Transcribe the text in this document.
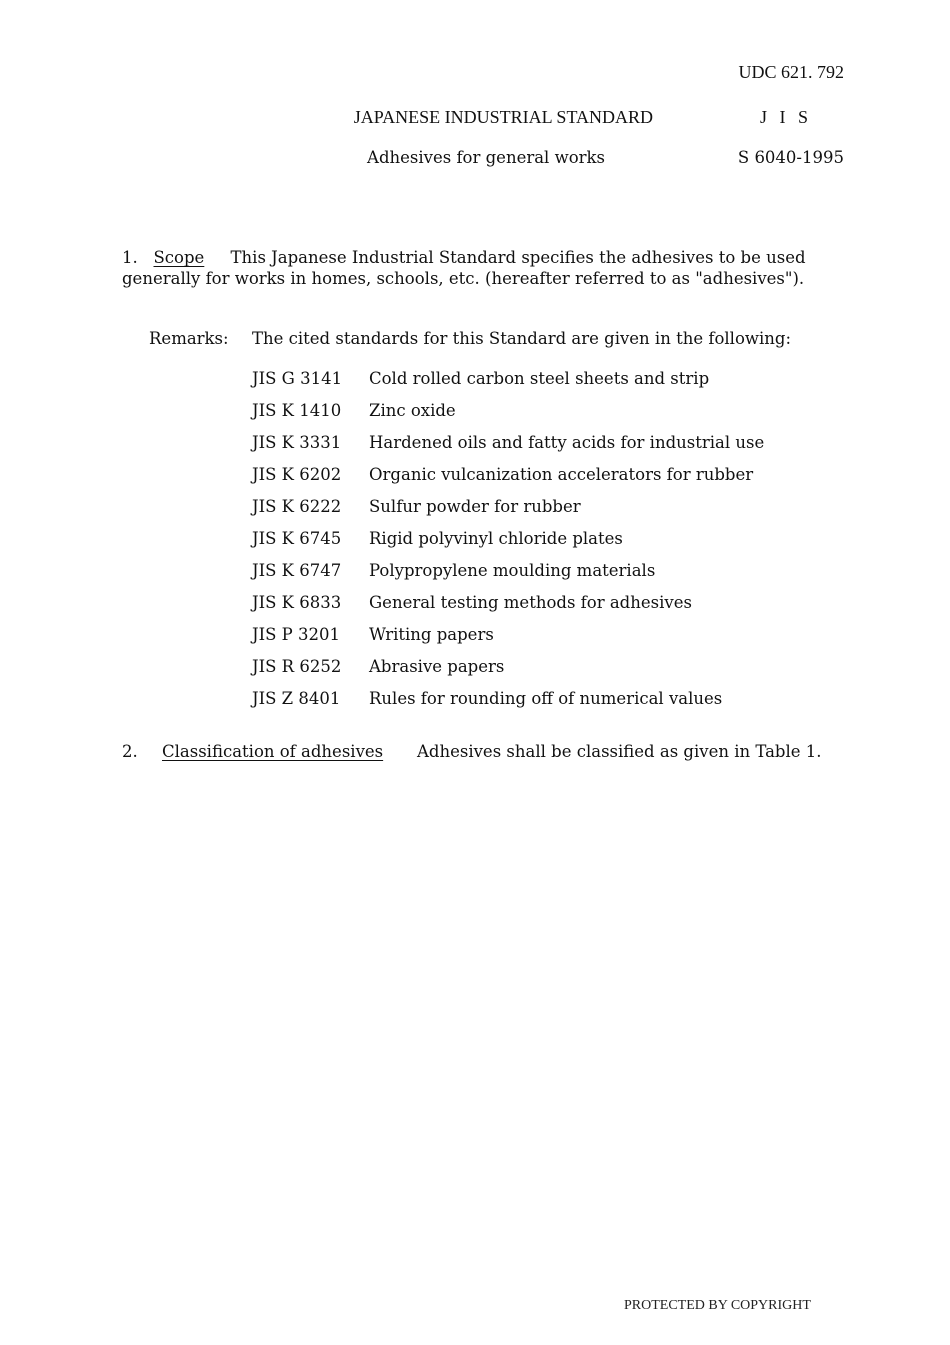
UDC 621. 792
JAPANESE INDUSTRIAL STANDARD	J I S
Adhesives for general works	S 6040-1995
1. Scope This Japanese Industrial Standard specifies the adhesives to be used generally for works in homes, schools, etc. (hereafter referred to as "adhesives").
Remarks: The cited standards for this Standard are given in the following:
JIS G 3141	Cold rolled carbon steel sheets and strip
JIS K 1410	Zinc oxide
JIS K 3331	Hardened oils and fatty acids for industrial use
JIS K 6202	Organic vulcanization accelerators for rubber
JIS K 6222	Sulfur powder for rubber
JIS K 6745	Rigid polyvinyl chloride plates
JIS K 6747	Polypropylene moulding materials
JIS K 6833	General testing methods for adhesives
JIS P 3201	Writing papers
JIS R 6252	Abrasive papers
JIS Z 8401	Rules for rounding off of numerical values
2. Classification of adhesives Adhesives shall be classified as given in Table 1.
PROTECTED BY COPYRIGHT
